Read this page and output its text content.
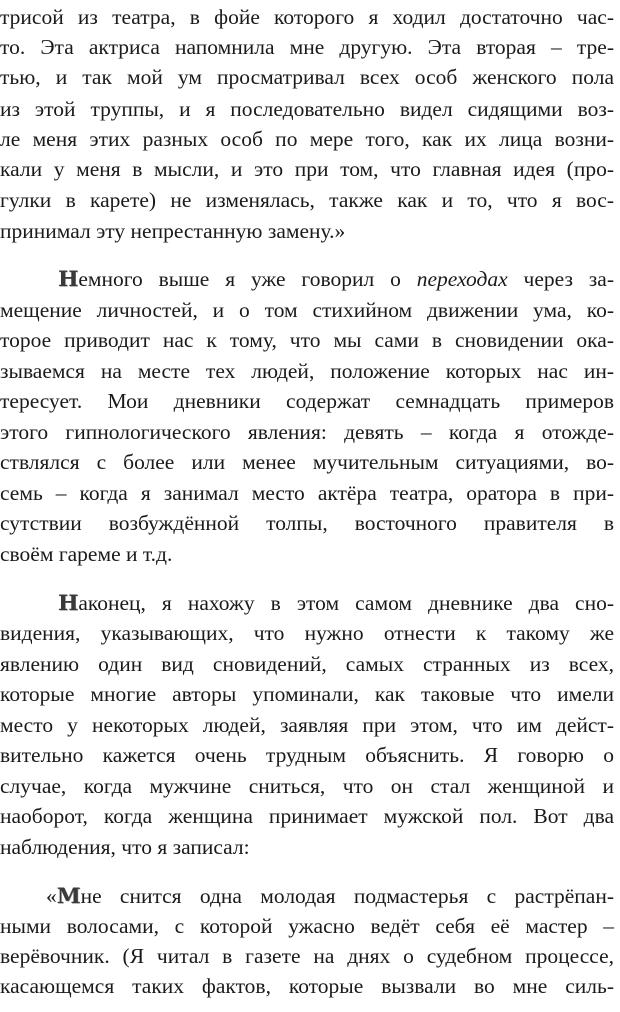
трисой из театра, в фойе которого я ходил достаточно час-
то. Эта актриса напомнила мне другую. Эта вторая – тре-
тью, и так мой ум просматривал всех особ женского пола
из этой труппы, и я последовательно видел сидящими воз-
ле меня этих разных особ по мере того, как их лица возни-
кали у меня в мысли, и это при том, что главная идея (про-
гулки в карете) не изменялась, также как и то, что я вос-
принимал эту непрестанную замену.»
Немного выше я уже говорил о переходах через за-
мещение личностей, и о том стихийном движении ума, ко-
торое приводит нас к тому, что мы сами в сновидении ока-
зываемся на месте тех людей, положение которых нас ин-
тересует. Мои дневники содержат семнадцать примеров
этого гипнологического явления: девять – когда я отожде-
ствлялся с более или менее мучительным ситуациями, во-
семь – когда я занимал место актёра театра, оратора в при-
сутствии возбуждённой толпы, восточного правителя в
своём гареме и т.д.
Наконец, я нахожу в этом самом дневнике два сно-
видения, указывающих, что нужно отнести к такому же
явлению один вид сновидений, самых странных из всех,
которые многие авторы упоминали, как таковые что имели
место у некоторых людей, заявляя при этом, что им дейст-
вительно кажется очень трудным объяснить. Я говорю о
случае, когда мужчине сниться, что он стал женщиной и
наоборот, когда женщина принимает мужской пол. Вот два
наблюдения, что я записал:
«Мне снится одна молодая подмастерья с растрёпан-
ными волосами, с которой ужасно ведёт себя её мастер –
верёвочник. (Я читал в газете на днях о судебном процессе,
касающемся таких фактов, которые вызвали во мне силь-
